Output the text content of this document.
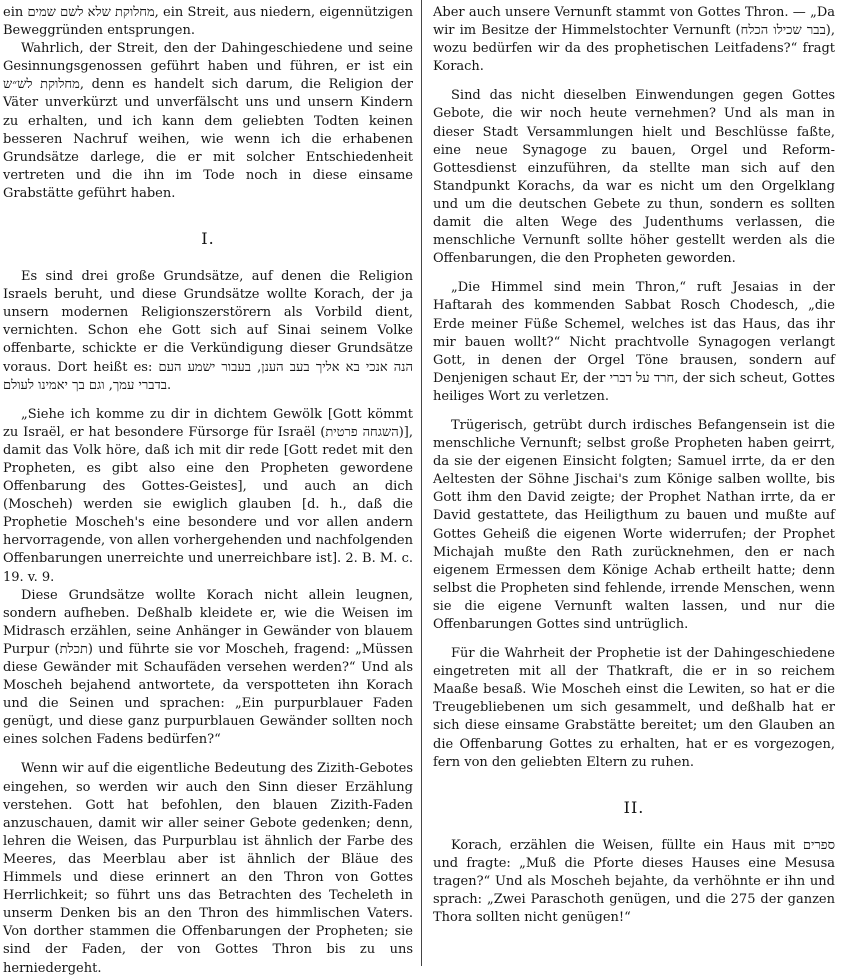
ein מחלוקת שלא לשם שמים, ein Streit, aus niedern, eigennützigen Beweggründen entsprungen.

Wahrlich, der Streit, den der Dahingeschiedene und seine Gesinnungsgenossen geführt haben und führen, er ist ein מחלוקת לש״ש, denn es handelt sich darum, die Religion der Väter unverkürzt und unverfälscht uns und unsern Kindern zu erhalten, und ich kann dem geliebten Todten keinen besseren Nachruf weihen, wie wenn ich die erhabenen Grundsätze darlege, die er mit solcher Entschiedenheit vertreten und die ihn im Tode noch in diese einsame Grabstätte geführt haben.

I.

Es sind drei große Grundsätze, auf denen die Religion Israels beruht, und diese Grundsätze wollte Korach, der ja unsern modernen Religionszerstörern als Vorbild dient, vernichten. Schon ehe Gott sich auf Sinai seinem Volke offenbarte, schickte er die Verkündigung dieser Grundsätze voraus. Dort heißt es: הנה אנכי בא אליך בעב הענן, בעבור ישמע העם בדברי עמך, וגם בך יאמינו לעולם.

„Siehe ich komme zu dir in dichtem Gewölk [Gott kömmt zu Israël, er hat besondere Fürsorge für Israël (השגחה פרטית)], damit das Volk höre, daß ich mit dir rede [Gott redet mit den Propheten, es gibt also eine den Propheten gewordene Offenbarung des Gottes-Geistes], und auch an dich (Moscheh) werden sie ewiglich glauben [d. h., daß die Prophetie Moscheh's eine besondere und vor allen andern hervorragende, von allen vorhergehenden und nachfolgenden Offenbarungen unerreichte und unerreichbare ist]. 2. B. M. c. 19. v. 9.

Diese Grundsätze wollte Korach nicht allein leugnen, sondern aufheben. Deßhalb kleidete er, wie die Weisen im Midrasch erzählen, seine Anhänger in Gewänder von blauem Purpur (תכלת) und führte sie vor Moscheh, fragend: „Müssen diese Gewänder mit Schaufäden versehen werden?“ Und als Moscheh bejahend antwortete, da verspotteten ihn Korach und die Seinen und sprachen: „Ein purpurblauer Faden genügt, und diese ganz purpurblauen Gewänder sollten noch eines solchen Fadens bedürfen?“

Wenn wir auf die eigentliche Bedeutung des Zizith-Gebotes eingehen, so werden wir auch den Sinn dieser Erzählung verstehen. Gott hat befohlen, den blauen Zizith-Faden anzuschauen, damit wir aller seiner Gebote gedenken; denn, lehren die Weisen, das Purpurblau ist ähnlich der Farbe des Meeres, das Meerblau aber ist ähnlich der Bläue des Himmels und diese erinnert an den Thron von Gottes Herrlichkeit; so führt uns das Betrachten des Techeleth in unserm Denken bis an den Thron des himmlischen Vaters. Von dorther stammen die Offenbarungen der Propheten; sie sind der Faden, der von Gottes Thron bis zu uns herniedergeht.

Aber auch unsere Vernunft stammt von Gottes Thron. — „Da wir im Besitze der Himmelstochter Vernunft (בבר שכילו הכלח), wozu bedürfen wir da des prophetischen Leitfadens?“ fragt Korach.

Sind das nicht dieselben Einwendungen gegen Gottes Gebote, die wir noch heute vernehmen? Und als man in dieser Stadt Versammlungen hielt und Beschlüsse faßte, eine neue Synagoge zu bauen, Orgel und Reform-Gottesdienst einzuführen, da stellte man sich auf den Standpunkt Korachs, da war es nicht um den Orgelklang und um die deutschen Gebete zu thun, sondern es sollten damit die alten Wege des Judenthums verlassen, die menschliche Vernunft sollte höher gestellt werden als die Offenbarungen, die den Propheten geworden.

„Die Himmel sind mein Thron,“ ruft Jesaias in der Haftarah des kommenden Sabbat Rosch Chodesch, „die Erde meiner Füße Schemel, welches ist das Haus, das ihr mir bauen wollt?“ Nicht prachtvolle Synagogen verlangt Gott, in denen der Orgel Töne brausen, sondern auf Denjenigen schaut Er, der חרד על דברי, der sich scheut, Gottes heiliges Wort zu verletzen.

Trügerisch, getrübt durch irdisches Befangensein ist die menschliche Vernunft; selbst große Propheten haben geirrt, da sie der eigenen Einsicht folgten; Samuel irrte, da er den Aeltesten der Söhne Jischai's zum Könige salben wollte, bis Gott ihm den David zeigte; der Prophet Nathan irrte, da er David gestattete, das Heiligthum zu bauen und mußte auf Gottes Geheiß die eigenen Worte widerrufen; der Prophet Michajah mußte den Rath zurücknehmen, den er nach eigenem Ermessen dem Könige Achab ertheilt hatte; denn selbst die Propheten sind fehlende, irrende Menschen, wenn sie die eigene Vernunft walten lassen, und nur die Offenbarungen Gottes sind untrüglich.

Für die Wahrheit der Prophetie ist der Dahingeschiedene eingetreten mit all der Thatkraft, die er in so reichem Maaße besaß. Wie Moscheh einst die Lewiten, so hat er die Treugebliebenen um sich gesammelt, und deßhalb hat er sich diese einsame Grabstätte bereitet; um den Glauben an die Offenbarung Gottes zu erhalten, hat er es vorgezogen, fern von den geliebten Eltern zu ruhen.

II.

Korach, erzählen die Weisen, füllte ein Haus mit ספרים und fragte: „Muß die Pforte dieses Hauses eine Mesusa tragen?“ Und als Moscheh bejahte, da verhöhnte er ihn und sprach: „Zwei Paraschoth genügen, und die 275 der ganzen Thora sollten nicht genügen!“
